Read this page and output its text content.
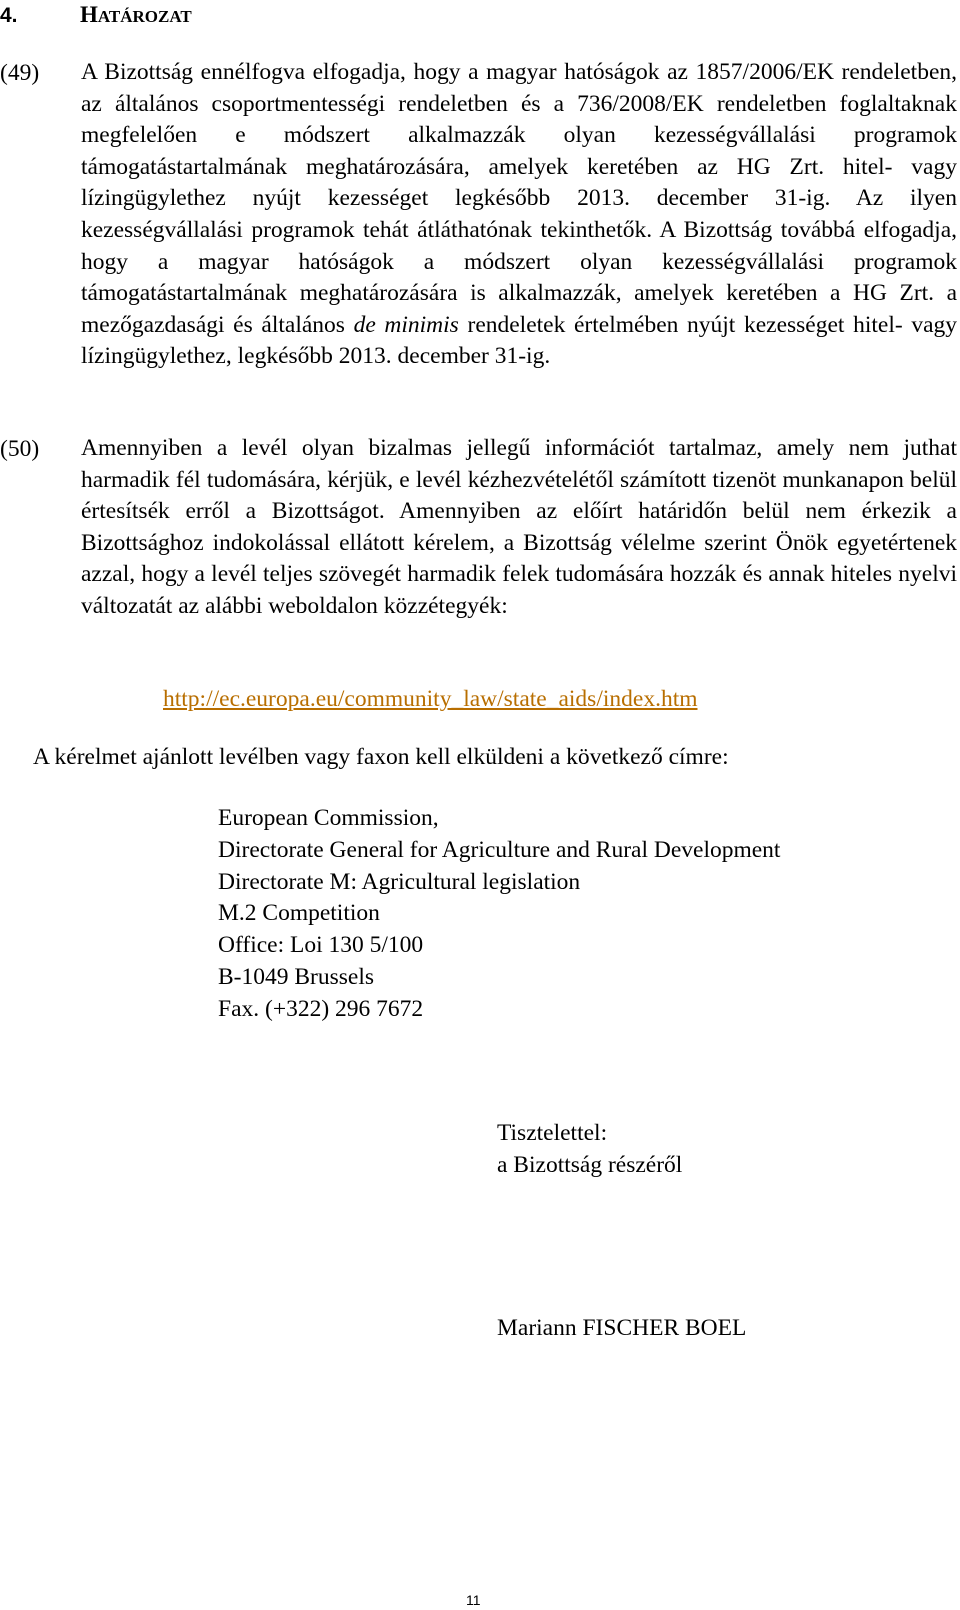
4.	HATÁROZAT
(49) A Bizottság ennélfogva elfogadja, hogy a magyar hatóságok az 1857/2006/EK rendeletben, az általános csoportmentességi rendeletben és a 736/2008/EK rendeletben foglaltaknak megfelelően e módszert alkalmazzák olyan kezességvállalási programok támogatástartalmának meghatározására, amelyek keretében az HG Zrt. hitel- vagy lízingügylethez nyújt kezességet legkésőbb 2013. december 31-ig. Az ilyen kezességvállalási programok tehát átláthatónak tekinthetők. A Bizottság továbbá elfogadja, hogy a magyar hatóságok a módszert olyan kezességvállalási programok támogatástartalmának meghatározására is alkalmazzák, amelyek keretében a HG Zrt. a mezőgazdasági és általános de minimis rendeletek értelmében nyújt kezességet hitel- vagy lízingügylethez, legkésőbb 2013. december 31-ig.
(50) Amennyiben a levél olyan bizalmas jellegű információt tartalmaz, amely nem juthat harmadik fél tudomására, kérjük, e levél kézhezvételétől számított tizenöt munkanapon belül értesítsék erről a Bizottságot. Amennyiben az előírt határidőn belül nem érkezik a Bizottsághoz indokolással ellátott kérelem, a Bizottság vélelme szerint Önök egyetértenek azzal, hogy a levél teljes szövegét harmadik felek tudomására hozzák és annak hiteles nyelvi változatát az alábbi weboldalon közzétegyék:
http://ec.europa.eu/community_law/state_aids/index.htm
A kérelmet ajánlott levélben vagy faxon kell elküldeni a következő címre:
European Commission,
Directorate General for Agriculture and Rural Development
Directorate M: Agricultural legislation
M.2 Competition
Office: Loi 130 5/100
B-1049 Brussels
Fax. (+322) 296 7672
Tisztelettel:
a Bizottság részéről
Mariann FISCHER BOEL
11
